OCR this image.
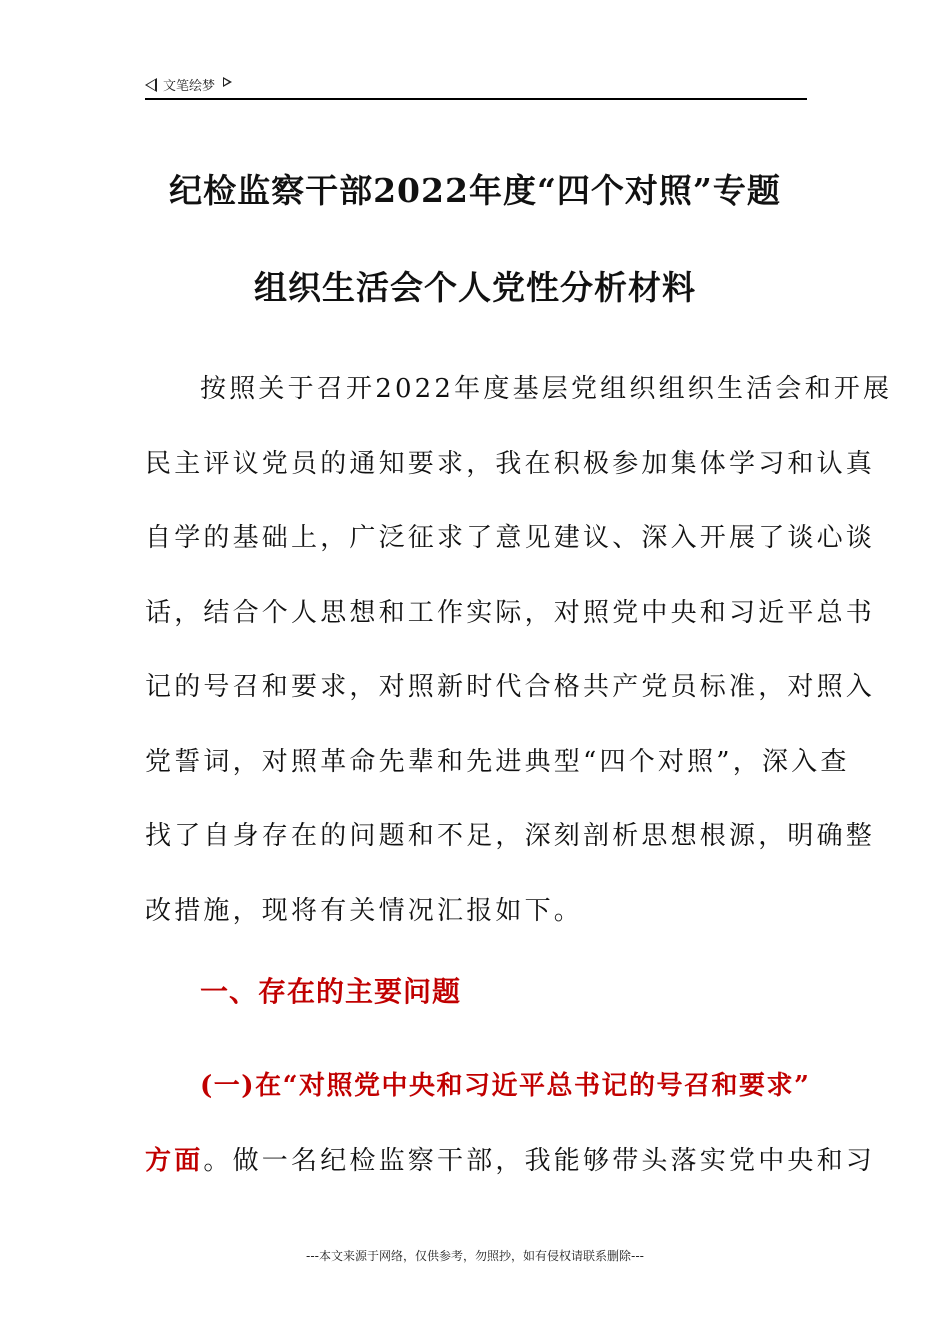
文笔绘梦
纪检监察干部2022年度“四个对照”专题
组织生活会个人党性分析材料
按照关于召开2022年度基层党组织组织生活会和开展
民主评议党员的通知要求，我在积极参加集体学习和认真
自学的基础上，广泛征求了意见建议、深入开展了谈心谈
话，结合个人思想和工作实际，对照党中央和习近平总书
记的号召和要求，对照新时代合格共产党员标准，对照入
党誓词，对照革命先辈和先进典型“四个对照”，深入查
找了自身存在的问题和不足，深刻剖析思想根源，明确整
改措施，现将有关情况汇报如下。
一、存在的主要问题
(一)在“对照党中央和习近平总书记的号召和要求”
方面。做一名纪检监察干部，我能够带头落实党中央和习
---本文来源于网络，仅供参考，勿照抄，如有侵权请联系删除---
